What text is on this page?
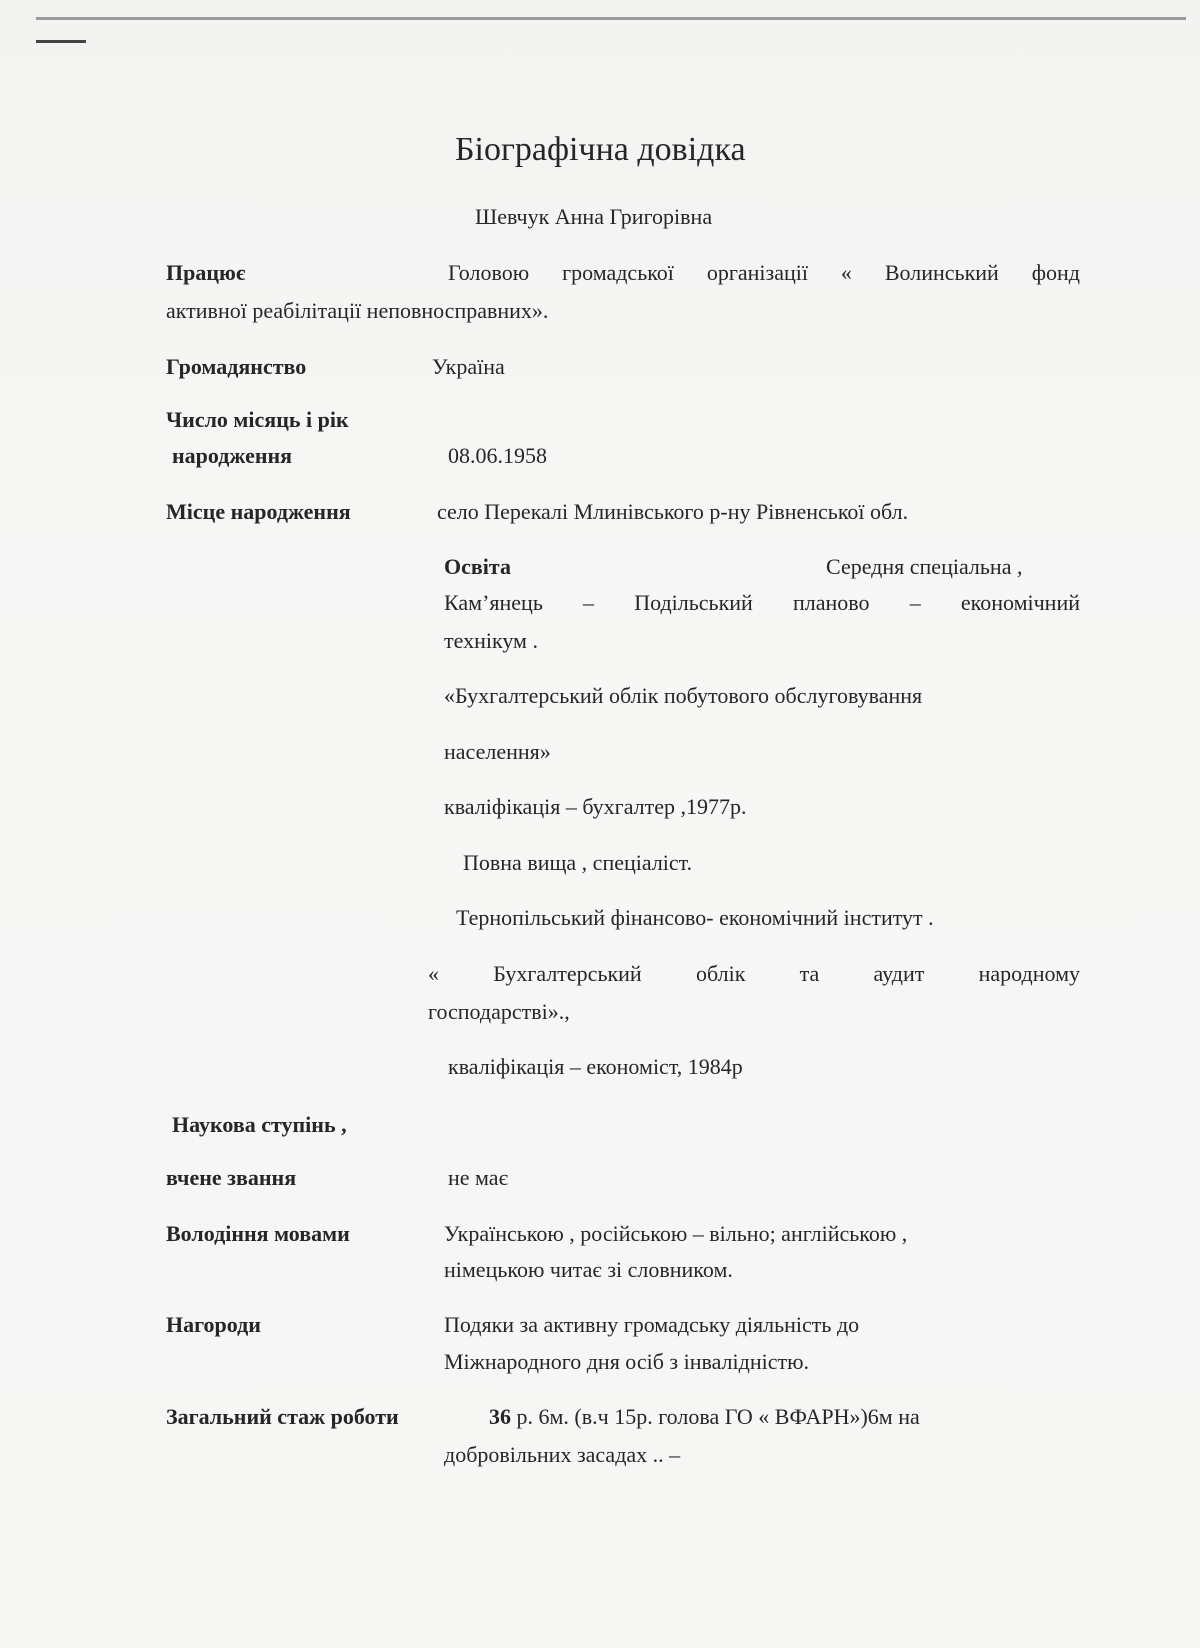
Біографічна довідка
Шевчук Анна Григорівна
Працює	Головою громадської організації « Волинський фонд
активної реабілітації неповносправних».
Громадянство	Україна
Число місяць і рік
народження	08.06.1958
Місце народження	село Перекалі Млинівського р-ну Рівненської обл.
Освіта	Середня спеціальна ,
Кам’янець – Подільський планово – економічний
технікум .
«Бухгалтерський облік побутового обслуговування
населення»
кваліфікація – бухгалтер ,1977р.
Повна вища , спеціаліст.
Тернопільський фінансово- економічний інститут .
« Бухгалтерський облік та аудит народному
господарстві».,
кваліфікація – економіст, 1984р
Наукова ступінь ,
вчене звання	не має
Володіння мовами	Українською , російською – вільно; англійською ,
німецькою читає зі словником.
Нагороди	Подяки за активну громадську діяльність до
Міжнародного дня осіб з інвалідністю.
Загальний стаж роботи	36 р. 6м. (в.ч 15р. голова ГО « ВФАРН»)6м на
добровільних засадах .. –
